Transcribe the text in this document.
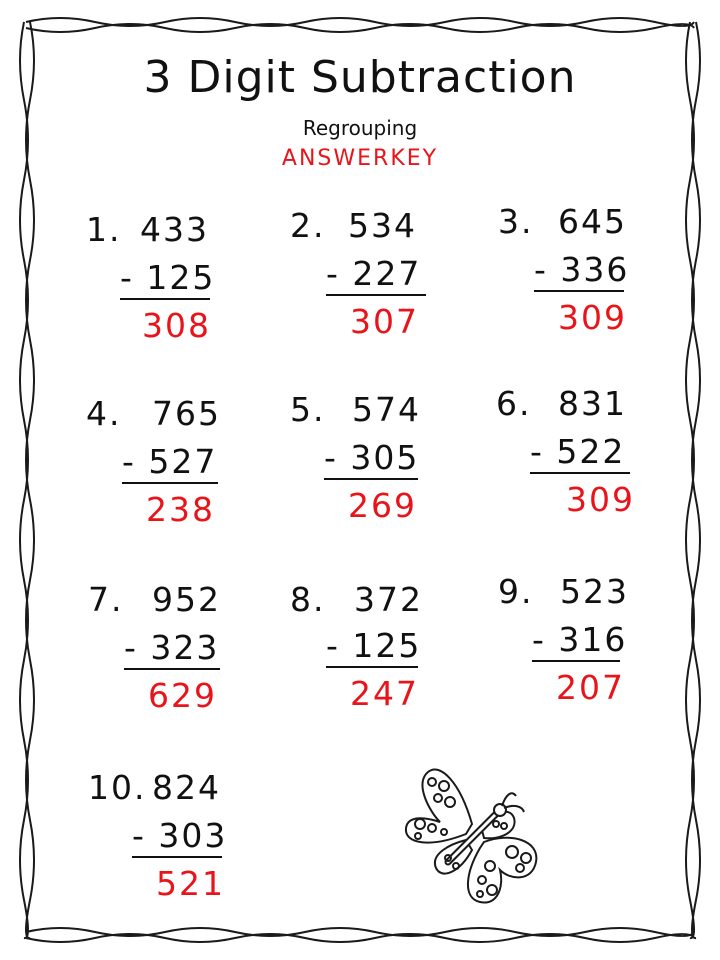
3 Digit Subtraction
Regrouping
ANSWERKEY
1. 433
- 125
308
2. 534
- 227
307
3. 645
- 336
309
4. 765
- 527
238
5. 574
- 305
269
6. 831
- 522
309
7. 952
- 323
629
8. 372
- 125
247
9. 523
- 316
207
10. 824
- 303
521
